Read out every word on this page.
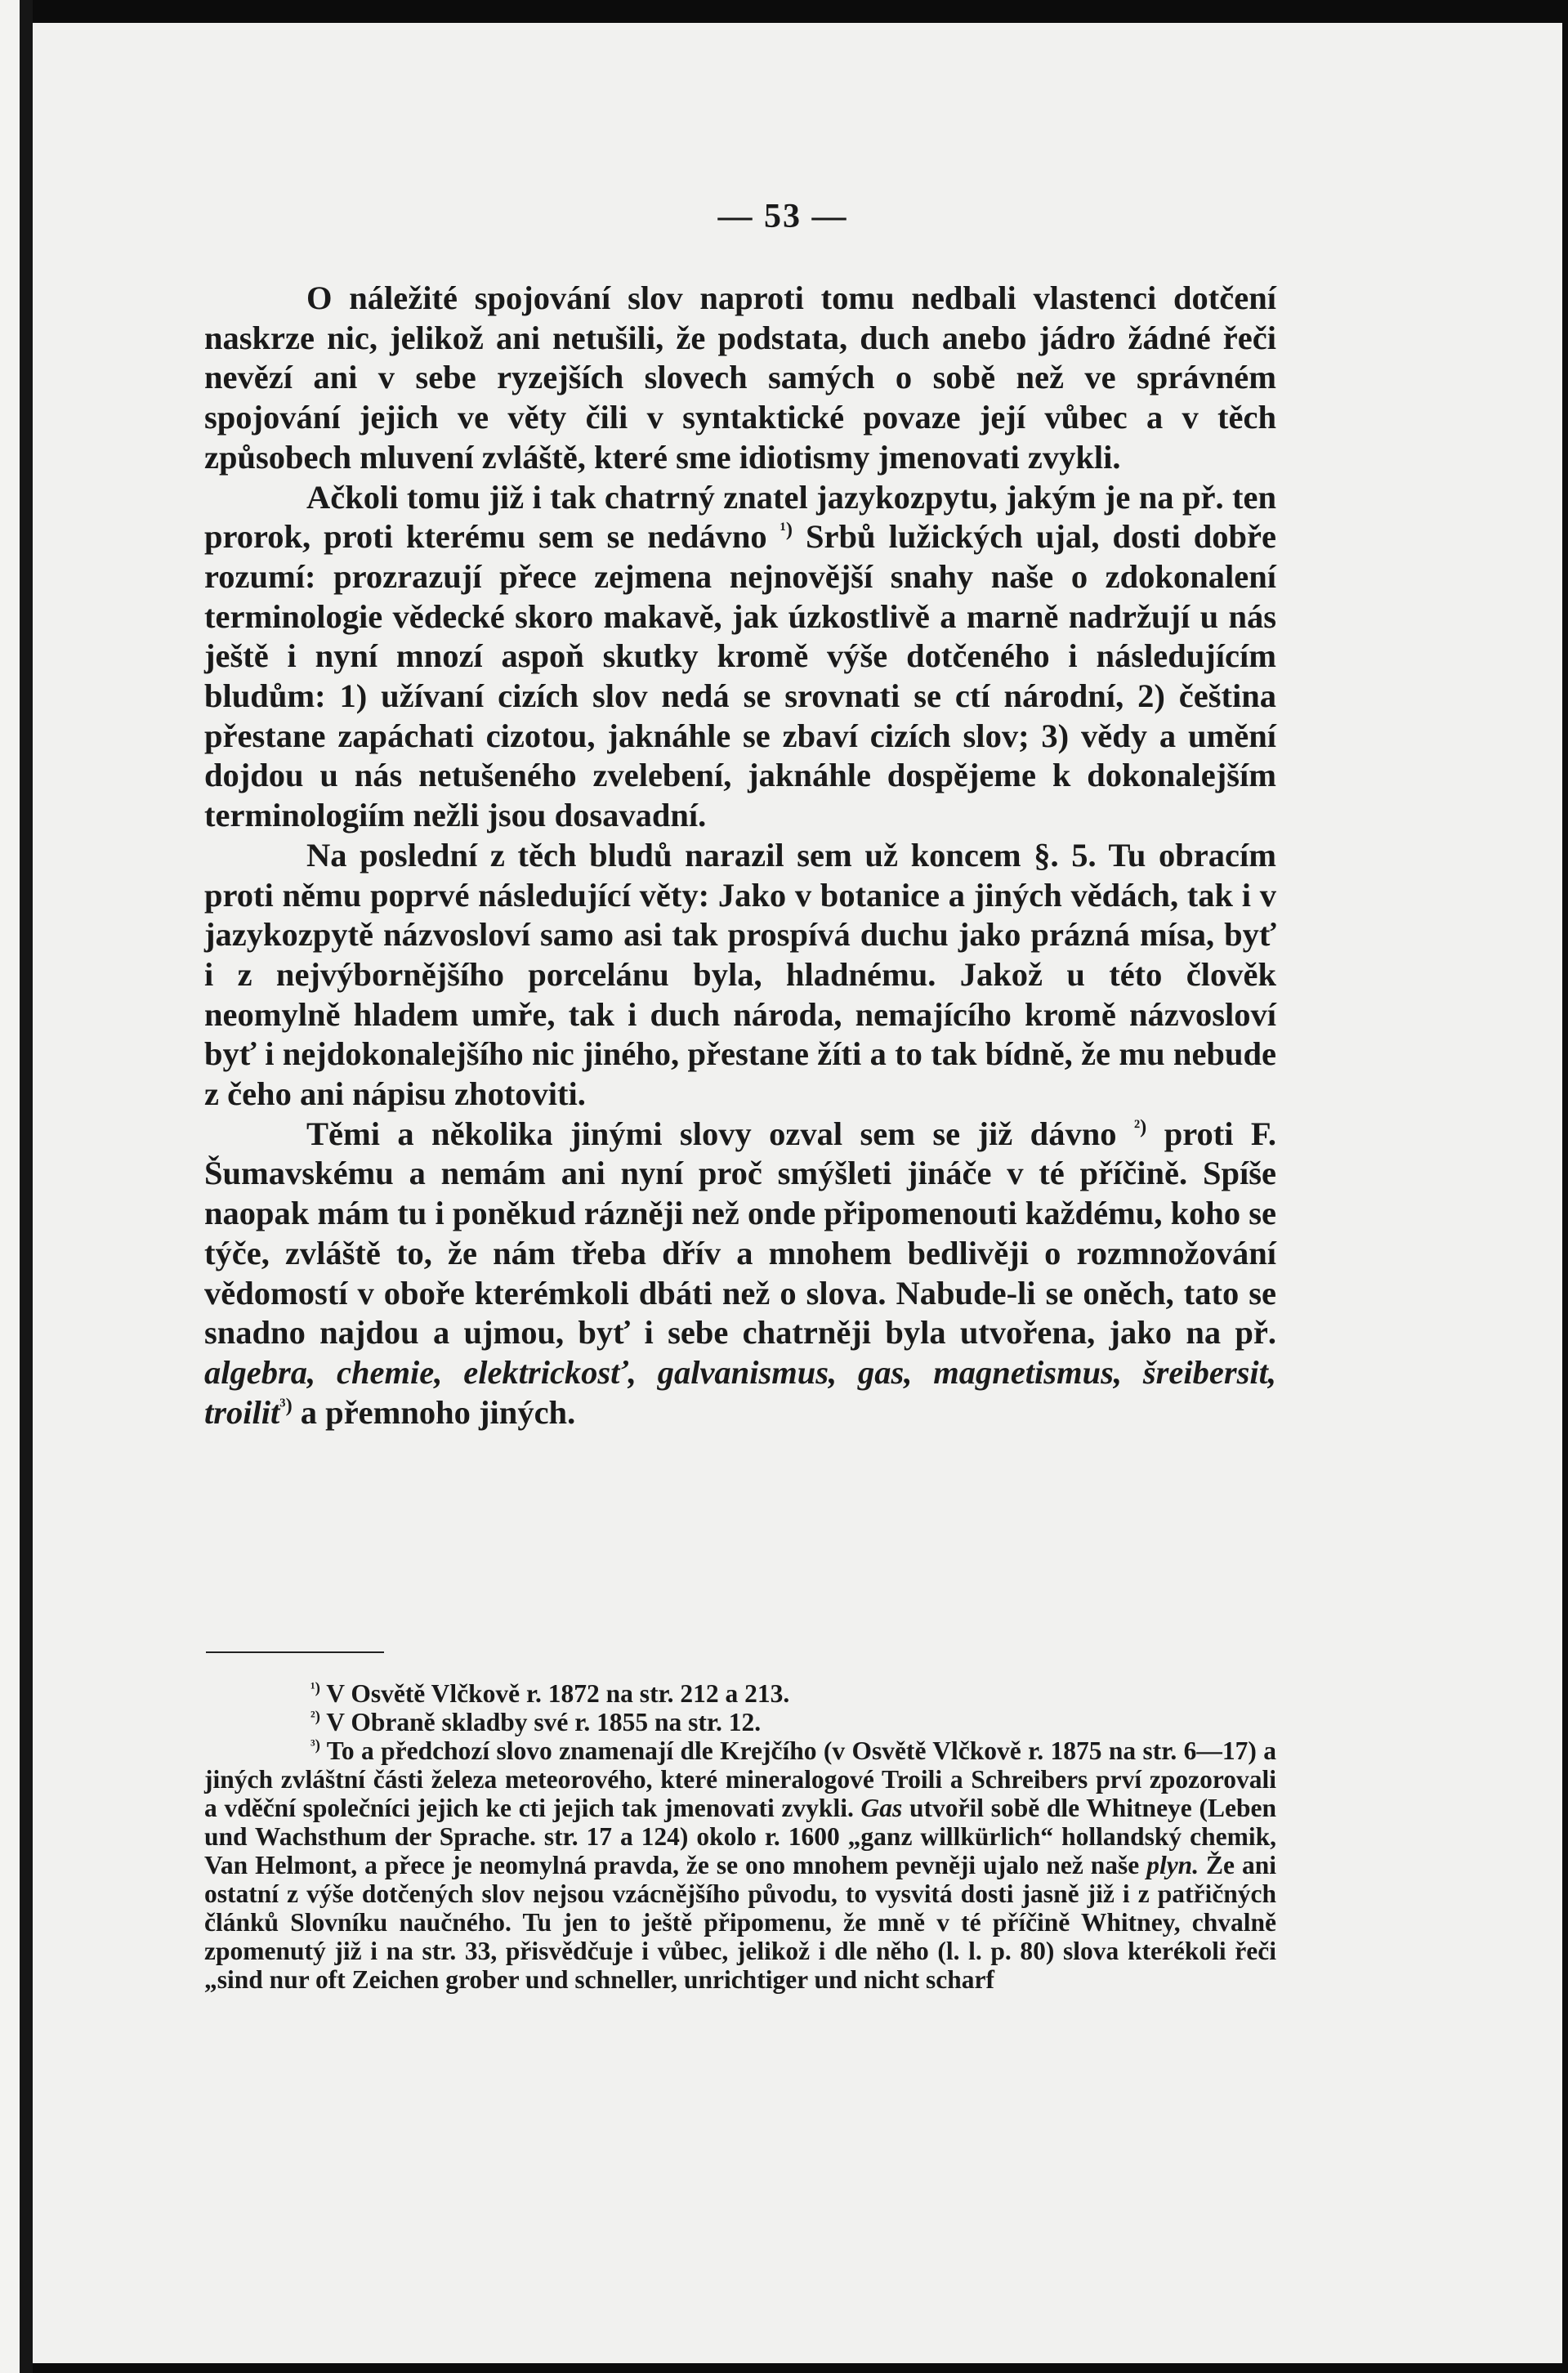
— 53 —

O náležité spojování slov naproti tomu nedbali vlastenci dotčení naskrze nic, jelikož ani netušili, že podstata, duch anebo jádro žádné řeči nevězí ani v sebe ryzejších slovech samých o sobě než ve správném spojování jejich ve věty čili v syntaktické povaze její vůbec a v těch způsobech mluvení zvláště, které sme idiotismy jmenovati zvykli.

Ačkoli tomu již i tak chatrný znatel jazykozpytu, jakým je na př. ten prorok, proti kterému sem se nedávno $^{^1)}$ Srbů lužických ujal, dosti dobře rozumí: prozrazují přece zejmena nejnovější snahy naše o zdokonalení terminologie vědecké skoro makavě, jak úzkostlivě a marně nadržují u nás ještě i nyní mnozí aspoň skutky kromě výše dotčeného i následujícím bludům: 1) užívaní cizích slov nedá se srovnati se ctí národní, 2) čeština přestane zapáchati cizotou, jaknáhle se zbaví cizích slov; 3) vědy a umění dojdou u nás netušeného zvelebení, jaknáhle dospějeme k dokonalejším terminologiím nežli jsou dosavadní.

Na poslední z těch bludů narazil sem už koncem §. 5. Tu obracím proti němu poprvé následující věty: Jako v botanice a jiných vědách, tak i v jazykozpytě názvosloví samo asi tak prospívá duchu jako prázná mísa, byť i z nejvýbornějšího porcelánu byla, hladnému. Jakož u této člověk neomylně hladem umře, tak i duch národa, nemajícího kromě názvosloví byť i nejdokonalejšího nic jiného, přestane žíti a to tak bídně, že mu nebude z čeho ani nápisu zhotoviti.

Těmi a několika jinými slovy ozval sem se již dávno $^{^2)}$ proti F. Šumavskému a nemám ani nyní proč smýšleti jináče v té příčině. Spíše naopak mám tu i poněkud rázněji než onde připomenouti každému, koho se týče, zvláště to, že nám třeba dřív a mnohem bedlivěji o rozmnožování vědomostí v oboře kterémkoli dbáti než o slova. Nabude-li se oněch, tato se snadno najdou a ujmou, byť i sebe chatrněji byla utvořena, jako na př. algebra, chemie, elektrickosť, galvanismus, gas, magnetismus, šreibersit, troilit$^{^3)}$ a přemnoho jiných.

$^{^1)}$ V Osvětě Vlčkově r. 1872 na str. 212 a 213.

$^{^2)}$ V Obraně skladby své r. 1855 na str. 12.

$^{^3)}$ To a předchozí slovo znamenají dle Krejčího (v Osvětě Vlčkově r. 1875 na str. 6—17) a jiných zvláštní části železa meteorového, které mineralogové Troili a Schreibers prví zpozorovali a vděční společníci jejich ke cti jejich tak jmenovati zvykli. Gas utvořil sobě dle Whitneye (Leben und Wachsthum der Sprache. str. 17 a 124) okolo r. 1600 „ganz willkürlich“ hollandský chemik, Van Helmont, a přece je neomylná pravda, že se ono mnohem pevněji ujalo než naše plyn. Že ani ostatní z výše dotčených slov nejsou vzácnějšího původu, to vysvitá dosti jasně již i z patřičných článků Slovníku naučného. Tu jen to ještě připomenu, že mně v té příčině Whitney, chvalně zpomenutý již i na str. 33, přisvědčuje i vůbec, jelikož i dle něho (l. l. p. 80) slova kterékoli řeči „sind nur oft Zeichen grober und schneller, unrichtiger und nicht scharf
